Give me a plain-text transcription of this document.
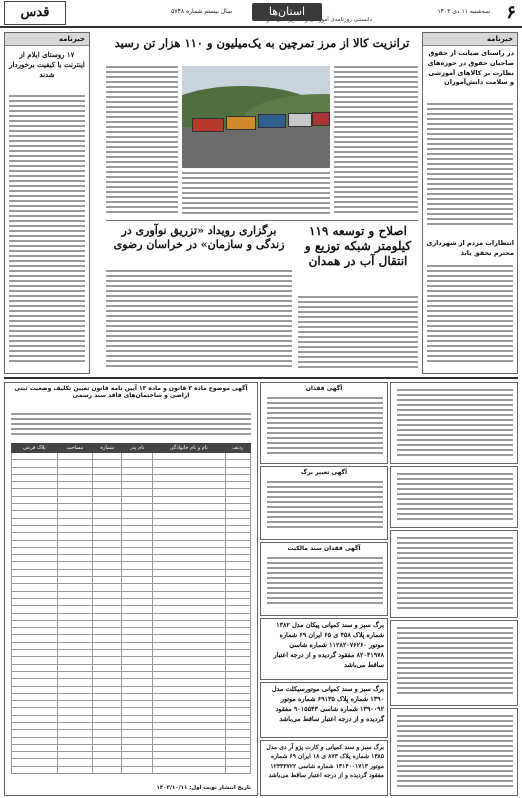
۶
سه‌شنبه ۱۱ دی ۱۴۰۳
استان‌ها
سال بیستم شماره ۵۷۴۸
دانستنی روزنامه‌ی آموزشی و اطلاع‌رسانی ملو
قدس
خبرنامه
در راستای صیانت از حقوق صاحبان حقوق در حوزه‌های نظارت بر کالاهای آموزشی و سلامت دانش‌آموزان
انتظارات مردم از شهرداری محترم تحقق یابد
خبرنامه
۱۷ روستای ایلام از اینترنت با کیفیت برخوردار شدند
ترانزیت کالا از مرز تمرچین به یک‌میلیون و ۱۱۰ هزار تن رسید
اصلاح و توسعه ۱۱۹ کیلومتر شبکه توزیع و انتقال آب در همدان
برگزاری رویداد «تزریق نوآوری در زندگی و سازمان» در خراسان رضوی
آگهی موضوع ماده ۳ قانون و ماده ۱۳ آیین نامه قانون تعیین تکلیف وضعیت ثبتی اراضی و ساختمان‌های فاقد سند رسمی
ردیف	نام و نام خانوادگی	نام پدر	شماره	مساحت	پلاک فرعی

تاریخ انتشار نوبت اول: ۱۴۰۳/۱۰/۱۱
آگهی فقدان
آگهی تغییر برگ
آگهی فقدان سند مالکیت
برگ سبز و سند کمپانی پیکان مدل ۱۳۸۲ شماره پلاک ۴۵۸ ی ۶۵ ایران ۶۹ شماره موتور ۱۱۲۸۲۰۷۶۲۶۰ شماره شاسی ۸۲۰۴۱۹۷۸ مفقود گردیده و از درجه اعتبار ساقط می‌باشد
برگ سبز و سند کمپانی موتورسیکلت مدل ۱۳۹۰ شماره پلاک ۶۹۱۳۵ شماره موتور ۱۳۹۰۰۹۲ شماره شاسی ۹۰۱۵۵۴۳ مفقود گردیده و از درجه اعتبار ساقط می‌باشد
برگ سبز و سند کمپانی و کارت پژو آر دی مدل ۱۳۸۵ شماره پلاک ۸۷۳ ی ۱۸ ایران ۶۹ شماره موتور ۱۳۱۴۰۰۱۷۱۳ شماره شاسی ۱۲۴۳۳۷۲۲ مفقود گردیده و از درجه اعتبار ساقط می‌باشد
